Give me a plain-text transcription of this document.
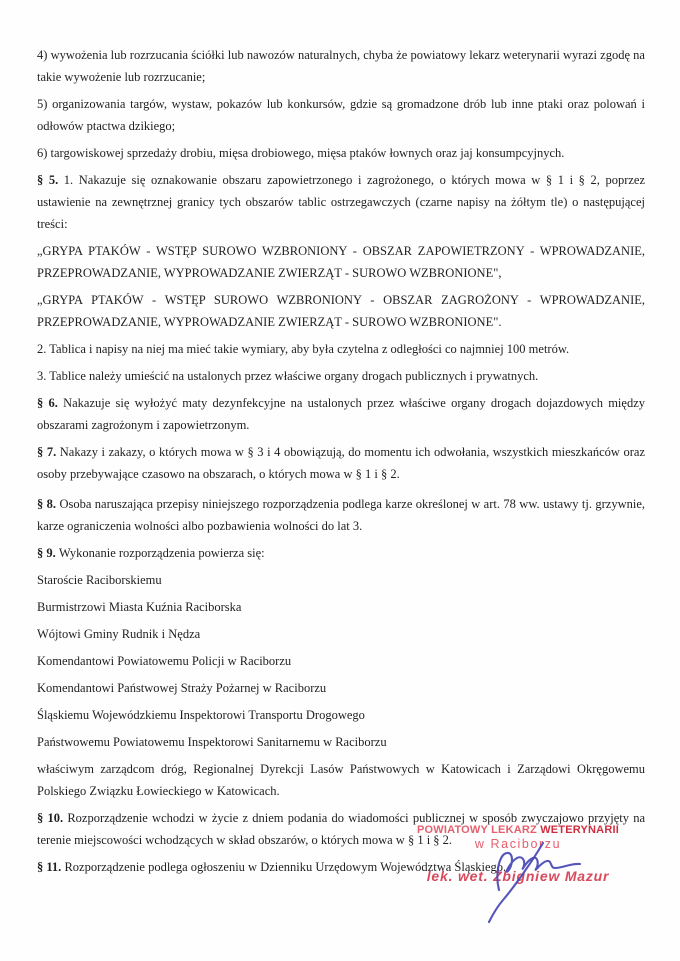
4) wywożenia lub rozrzucania ściółki lub nawozów naturalnych, chyba że powiatowy lekarz weterynarii wyrazi zgodę na takie wywożenie lub rozrzucanie;

5) organizowania targów, wystaw, pokazów lub konkursów, gdzie są gromadzone drób lub inne ptaki oraz polowań i odłowów ptactwa dzikiego;

6) targowiskowej sprzedaży drobiu, mięsa drobiowego, mięsa ptaków łownych oraz jaj konsumpcyjnych.

§ 5. 1. Nakazuje się oznakowanie obszaru zapowietrzonego i zagrożonego, o których mowa w § 1 i § 2, poprzez ustawienie na zewnętrznej granicy tych obszarów tablic ostrzegawczych (czarne napisy na żółtym tle) o następującej treści:

„GRYPA PTAKÓW - WSTĘP SUROWO WZBRONIONY - OBSZAR ZAPOWIETRZONY - WPROWADZANIE, PRZEPROWADZANIE, WYPROWADZANIE ZWIERZĄT - SUROWO WZBRONIONE",

„GRYPA PTAKÓW - WSTĘP SUROWO WZBRONIONY - OBSZAR ZAGROŻONY - WPROWADZANIE, PRZEPROWADZANIE, WYPROWADZANIE ZWIERZĄT - SUROWO WZBRONIONE".

2. Tablica i napisy na niej ma mieć takie wymiary, aby była czytelna z odległości co najmniej 100 metrów.

3. Tablice należy umieścić na ustalonych przez właściwe organy drogach publicznych i prywatnych.

§ 6. Nakazuje się wyłożyć maty dezynfekcyjne na ustalonych przez właściwe organy drogach dojazdowych między obszarami zagrożonym i zapowietrzonym.

§ 7. Nakazy i zakazy, o których mowa w § 3 i 4 obowiązują, do momentu ich odwołania, wszystkich mieszkańców oraz osoby przebywające czasowo na obszarach, o których mowa w § 1 i § 2.

§ 8. Osoba naruszająca przepisy niniejszego rozporządzenia podlega karze określonej w art. 78 ww. ustawy tj. grzywnie, karze ograniczenia wolności albo pozbawienia wolności do lat 3.

§ 9. Wykonanie rozporządzenia powierza się:

Staroście Raciborskiemu

Burmistrzowi Miasta Kuźnia Raciborska

Wójtowi Gminy Rudnik i Nędza

Komendantowi Powiatowemu Policji w Raciborzu

Komendantowi Państwowej Straży Pożarnej w Raciborzu

Śląskiemu Wojewódzkiemu Inspektorowi Transportu Drogowego

Państwowemu Powiatowemu Inspektorowi Sanitarnemu w Raciborzu

właściwym zarządcom dróg, Regionalnej Dyrekcji Lasów Państwowych w Katowicach i Zarządowi Okręgowemu Polskiego Związku Łowieckiego w Katowicach.

§ 10. Rozporządzenie wchodzi w życie z dniem podania do wiadomości publicznej w sposób zwyczajowo przyjęty na terenie miejscowości wchodzących w skład obszarów, o których mowa w § 1 i § 2.

§ 11. Rozporządzenie podlega ogłoszeniu w Dzienniku Urzędowym Województwa Śląskiego.

POWIATOWY LEKARZ WETERYNARII
w Raciborzu
lek. wet. Zbigniew Mazur
